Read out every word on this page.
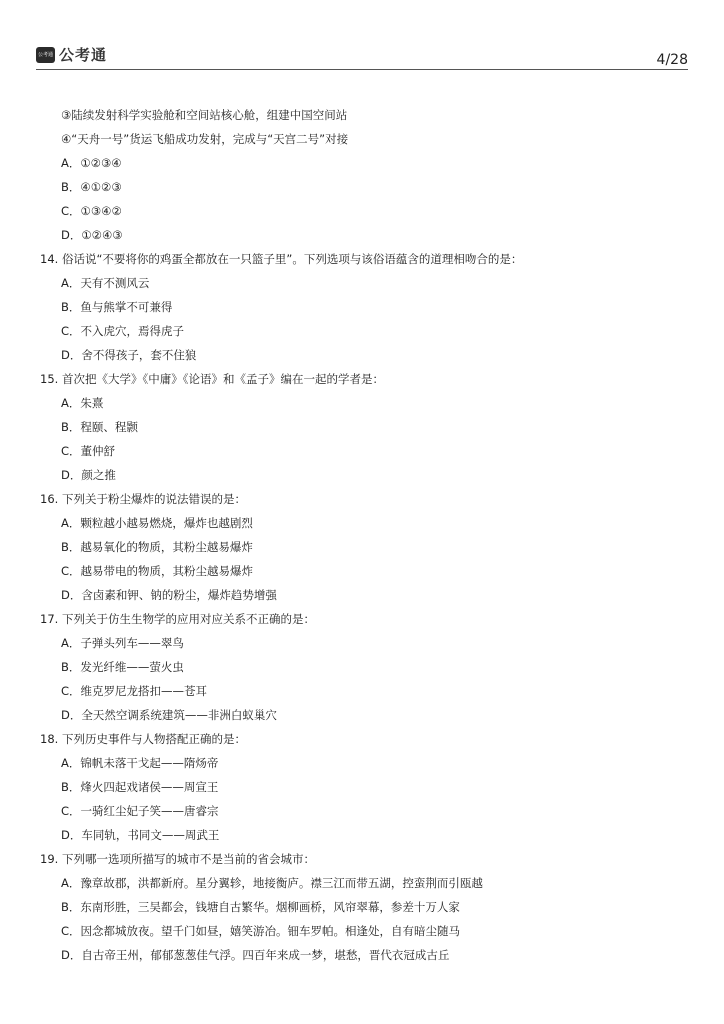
公考通 公考通	4/28
③陆续发射科学实验舱和空间站核心舱，组建中国空间站
④“天舟一号”货运飞船成功发射，完成与“天宫二号”对接
A．①②③④
B．④①②③
C．①③④②
D．①②④③
14. 俗话说“不要将你的鸡蛋全都放在一只篮子里”。下列选项与该俗语蕴含的道理相吻合的是：
A．天有不测风云
B．鱼与熊掌不可兼得
C．不入虎穴，焉得虎子
D．舍不得孩子，套不住狼
15. 首次把《大学》《中庸》《论语》和《孟子》编在一起的学者是：
A．朱熹
B．程颐、程颢
C．董仲舒
D．颜之推
16. 下列关于粉尘爆炸的说法错误的是：
A．颗粒越小越易燃烧，爆炸也越剧烈
B．越易氧化的物质，其粉尘越易爆炸
C．越易带电的物质，其粉尘越易爆炸
D．含卤素和钾、钠的粉尘，爆炸趋势增强
17. 下列关于仿生生物学的应用对应关系不正确的是：
A．子弹头列车——翠鸟
B．发光纤维——萤火虫
C．维克罗尼龙搭扣——苍耳
D．全天然空调系统建筑——非洲白蚁巢穴
18. 下列历史事件与人物搭配正确的是：
A．锦帆未落干戈起——隋炀帝
B．烽火四起戏诸侯——周宣王
C．一骑红尘妃子笑——唐睿宗
D．车同轨，书同文——周武王
19. 下列哪一选项所描写的城市不是当前的省会城市：
A．豫章故郡，洪都新府。星分翼轸，地接衡庐。襟三江而带五湖，控蛮荆而引瓯越
B．东南形胜，三吴都会，钱塘自古繁华。烟柳画桥，风帘翠幕，参差十万人家
C．因念都城放夜。望千门如昼，嬉笑游冶。钿车罗帕。相逢处，自有暗尘随马
D．自古帝王州，郁郁葱葱佳气浮。四百年来成一梦，堪愁，晋代衣冠成古丘
